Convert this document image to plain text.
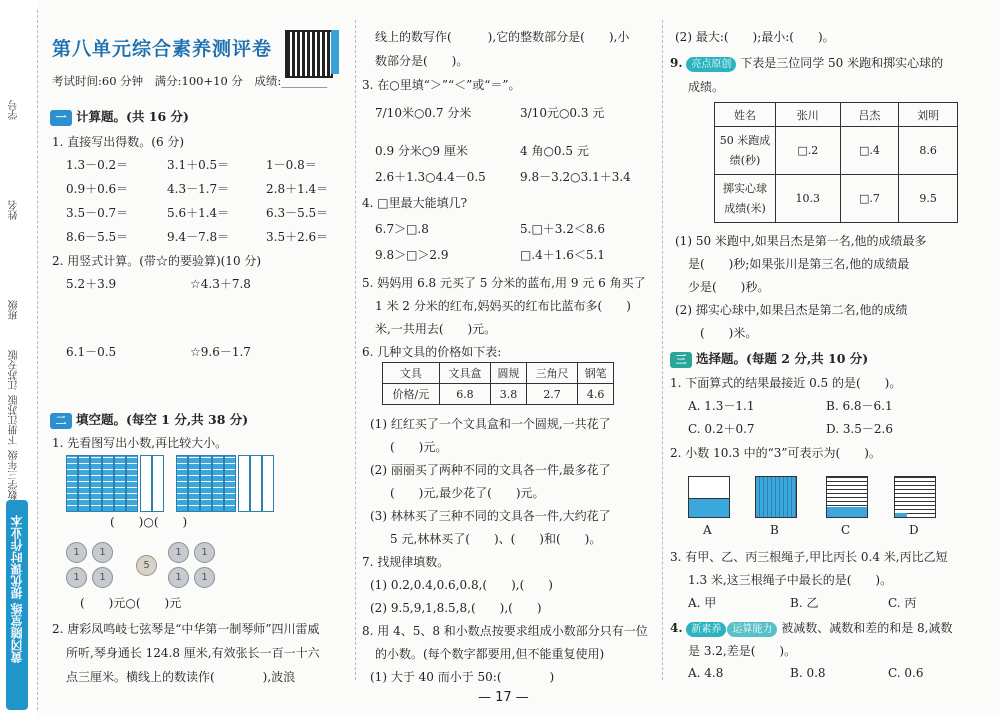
学号
姓名
班级
江苏专版
江苏版
下册
数学三年级
黄冈随堂练 提优课时作业本
第八单元综合素养测评卷
考试时间:60 分钟　满分:100+10 分　成绩:________
一 计算题。(共 16 分)
1. 直接写出得数。(6 分)
1.3－0.2＝	3.1＋0.5＝	1－0.8＝
0.9＋0.6＝	4.3－1.7＝	2.8＋1.4＝
3.5－0.7＝	5.6＋1.4＝	6.3－5.5＝
8.6－5.5＝	9.4－7.8＝	3.5＋2.6＝
2. 用竖式计算。(带☆的要验算)(10 分)
5.2＋3.9	☆4.3＋7.8
6.1－0.5	☆9.6－1.7
二 填空题。(每空 1 分,共 38 分)
1. 先看图写出小数,再比较大小。
(　　)○(　　)
1	1
1	1
5
1	1
1	1
(　　)元○(　　)元
2. 唐彩凤鸣岐七弦琴是“中华第一制琴师”四川雷威
所听,琴身通长 124.8 厘米,有效张长一百一十六
点三厘米。横线上的数读作(　　　　),波浪
线上的数写作(　　　),它的整数部分是(　　),小
数部分是(　　)。
3. 在○里填“＞”“＜”或“＝”。
7/10米○0.7 分米	3/10元○0.3 元
0.9 分米○9 厘米	4 角○0.5 元
2.6＋1.3○4.4－0.5	9.8－3.2○3.1＋3.4
4. □里最大能填几?
6.7＞□.8	5.□＋3.2＜8.6
9.8＞□＞2.9	□.4＋1.6＜5.1
5. 妈妈用 6.8 元买了 5 分米的蓝布,用 9 元 6 角买了
1 米 2 分米的红布,妈妈买的红布比蓝布多(　　)
米,一共用去(　　)元。
6. 几种文具的价格如下表:
文具	文具盒	圆规	三角尺	钢笔
价格/元	6.8	3.8	2.7	4.6
(1) 红红买了一个文具盒和一个圆规,一共花了
(　　)元。
(2) 丽丽买了两种不同的文具各一件,最多花了
(　　)元,最少花了(　　)元。
(3) 林林买了三种不同的文具各一件,大约花了
5 元,林林买了(　　)、(　　)和(　　)。
7. 找规律填数。
(1) 0.2,0.4,0.6,0.8,(　　),(　　)
(2) 9.5,9,1,8.5,8,(　　),(　　)
8. 用 4、5、8 和小数点按要求组成小数部分只有一位
的小数。(每个数字都要用,但不能重复使用)
(1) 大于 40 而小于 50:(　　　　)
— 17 —
(2) 最大:(　　);最小:(　　)。
9. 亮点原创 下表是三位同学 50 米跑和掷实心球的
成绩。
姓名	张川	吕杰	刘明
50 米跑成绩(秒)	□.2	□.4	8.6
掷实心球成绩(米)	10.3	□.7	9.5
(1) 50 米跑中,如果吕杰是第一名,他的成绩最多
是(　　)秒;如果张川是第三名,他的成绩最
少是(　　)秒。
(2) 掷实心球中,如果吕杰是第二名,他的成绩
(　　)米。
三 选择题。(每题 2 分,共 10 分)
1. 下面算式的结果最接近 0.5 的是(　　)。
A. 1.3－1.1	B. 6.8－6.1
C. 0.2＋0.7	D. 3.5－2.6
2. 小数 10.3 中的“3”可表示为(　　)。
A	B	C	D
3. 有甲、乙、丙三根绳子,甲比丙长 0.4 米,丙比乙短
1.3 米,这三根绳子中最长的是(　　)。
A. 甲	B. 乙	C. 丙
4. 新素养 运算能力 被减数、减数和差的和是 8,减数
是 3.2,差是(　　)。
A. 4.8	B. 0.8	C. 0.6
